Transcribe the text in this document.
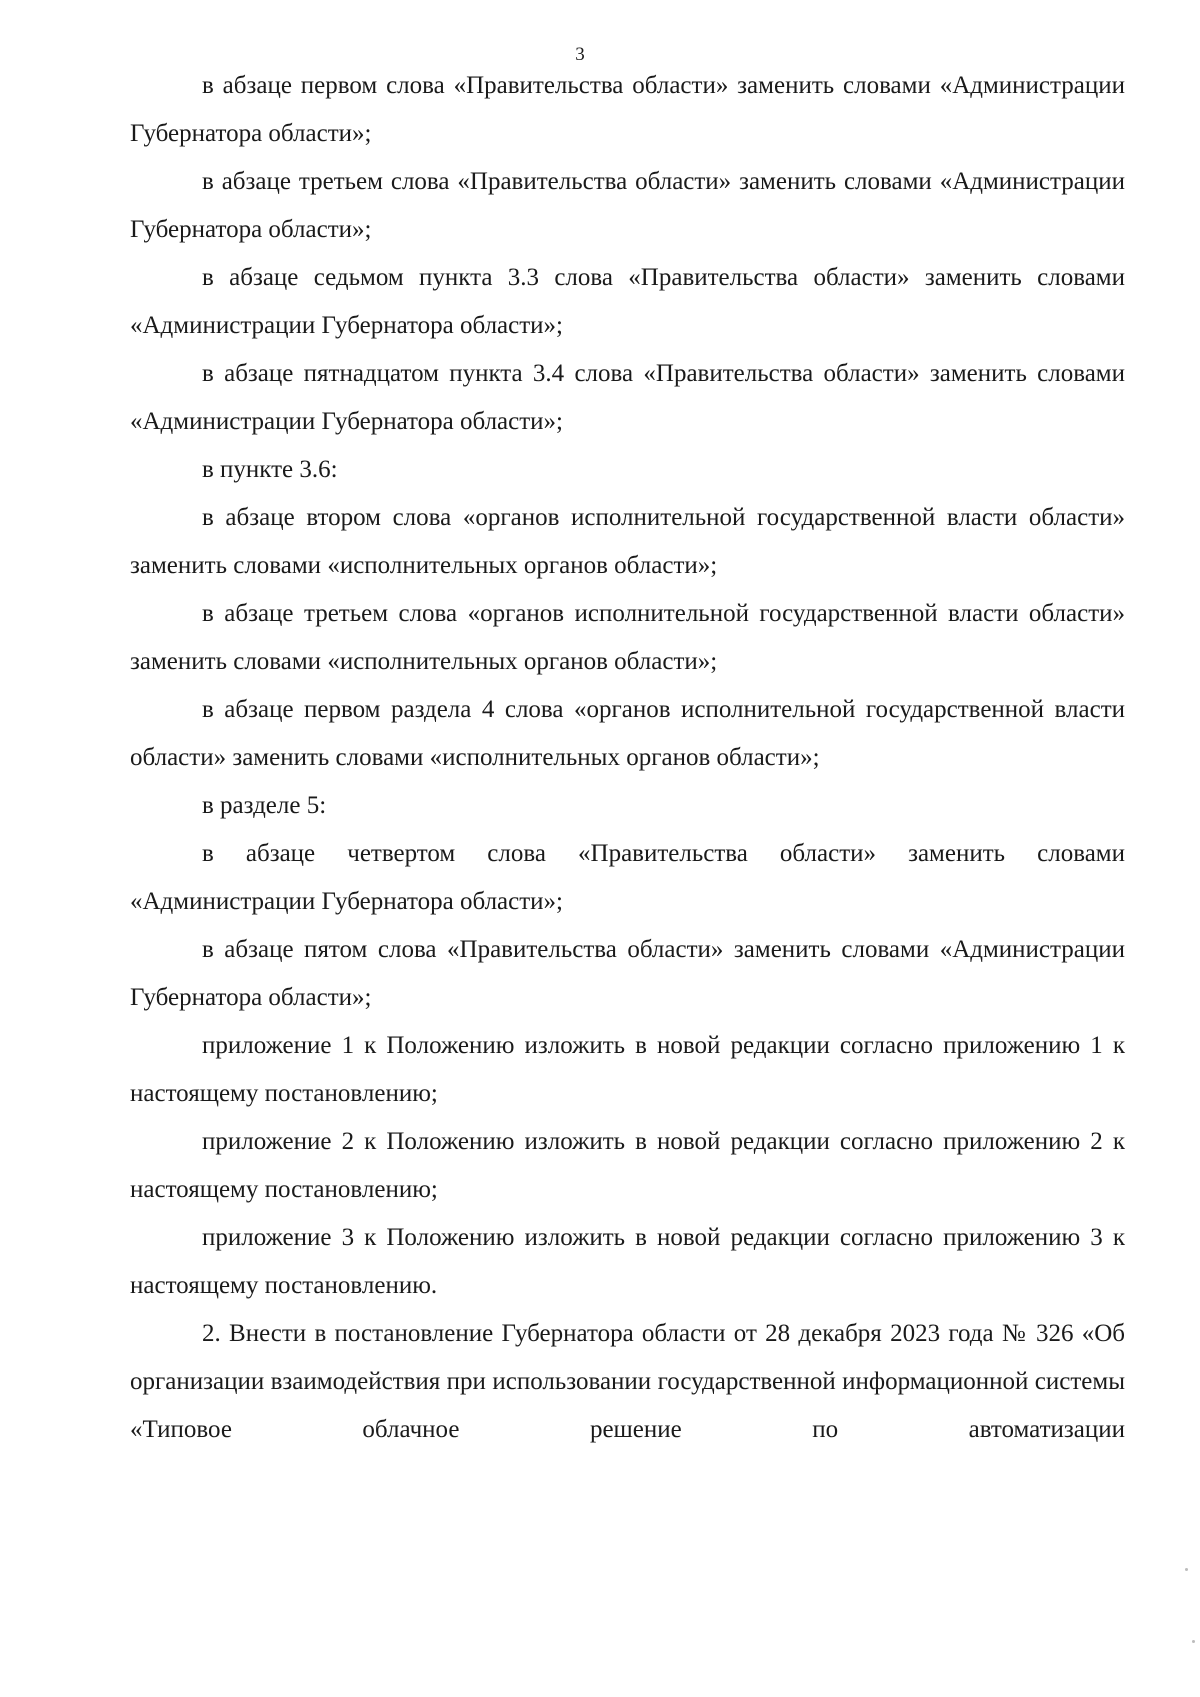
3

в абзаце первом слова «Правительства области» заменить словами «Администрации Губернатора области»;

в абзаце третьем слова «Правительства области» заменить словами «Администрации Губернатора области»;

в абзаце седьмом пункта 3.3 слова «Правительства области» заменить словами «Администрации Губернатора области»;

в абзаце пятнадцатом пункта 3.4 слова «Правительства области» заменить словами «Администрации Губернатора области»;

в пункте 3.6:

в абзаце втором слова «органов исполнительной государственной власти области» заменить словами «исполнительных органов области»;

в абзаце третьем слова «органов исполнительной государственной власти области» заменить словами «исполнительных органов области»;

в абзаце первом раздела 4 слова «органов исполнительной государственной власти области» заменить словами «исполнительных органов области»;

в разделе 5:

в абзаце четвертом слова «Правительства области» заменить словами «Администрации Губернатора области»;

в абзаце пятом слова «Правительства области» заменить словами «Администрации Губернатора области»;

приложение 1 к Положению изложить в новой редакции согласно приложению 1 к настоящему постановлению;

приложение 2 к Положению изложить в новой редакции согласно приложению 2 к настоящему постановлению;

приложение 3 к Положению изложить в новой редакции согласно приложению 3 к настоящему постановлению.

2. Внести в постановление Губернатора области от 28 декабря 2023 года № 326 «Об организации взаимодействия при использовании государственной информационной системы «Типовое облачное решение по автоматизации
